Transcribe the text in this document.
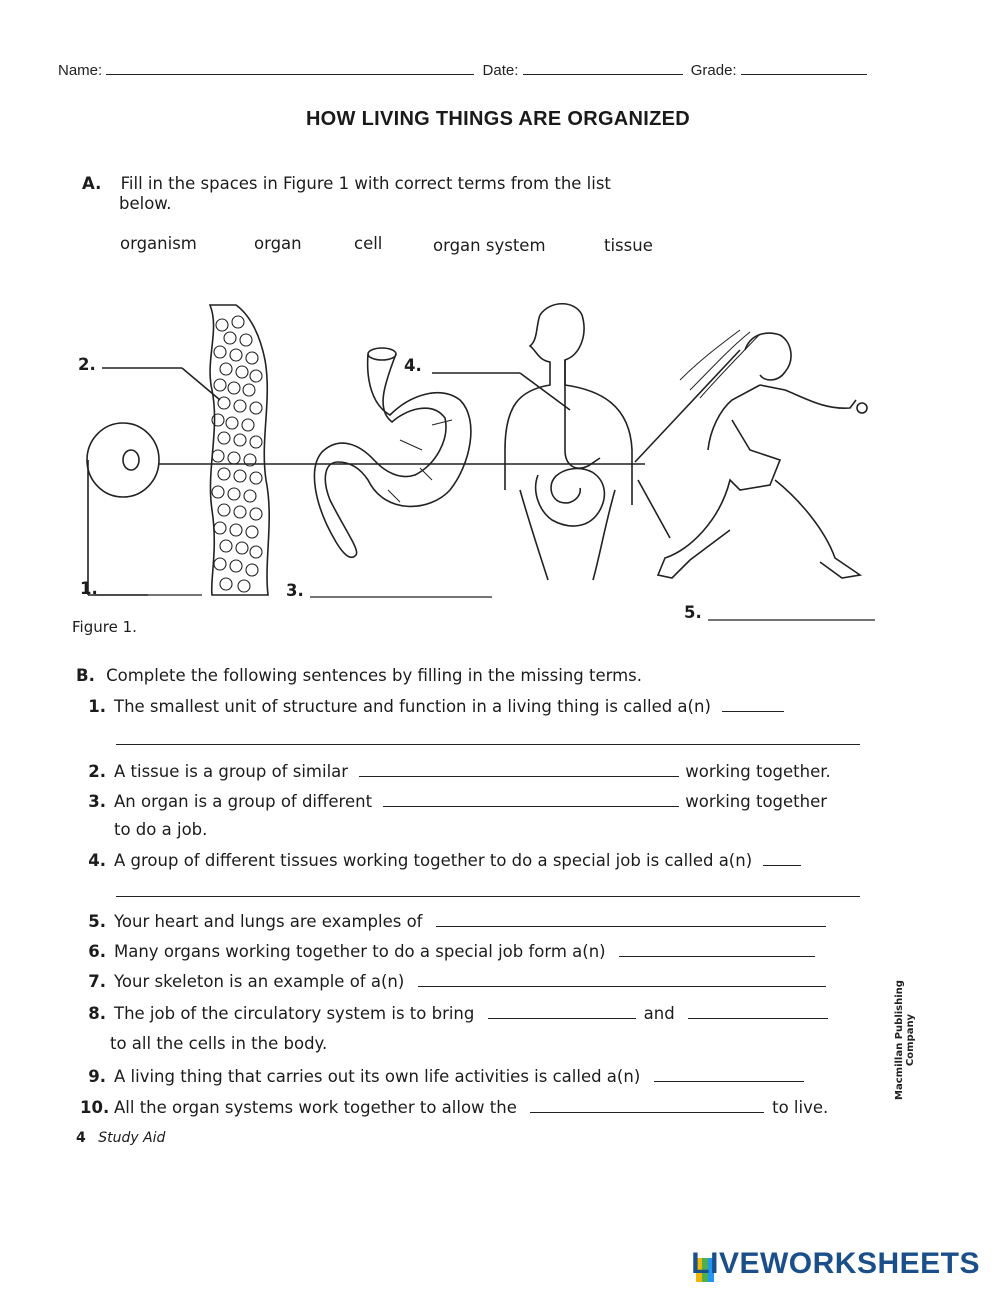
Name:	Date:	Grade:
HOW LIVING THINGS ARE ORGANIZED
A. Fill in the spaces in Figure 1 with correct terms from the list
below.
organism	organ	cell	organ system	tissue
2.
1.	3.
4.
5.
Figure 1.
B. Complete the following sentences by filling in the missing terms.
1. The smallest unit of structure and function in a living thing is called a(n)
2. A tissue is a group of similar	working together.
3. An organ is a group of different	working together
to do a job.
4. A group of different tissues working together to do a special job is called a(n)
5. Your heart and lungs are examples of
6. Many organs working together to do a special job form a(n)
7. Your skeleton is an example of a(n)
8. The job of the circulatory system is to bring	and
to all the cells in the body.
9. A living thing that carries out its own life activities is called a(n)
10. All the organ systems work together to allow the	to live.
4 Study Aid
Macmillan Publishing Company
LIVEWORKSHEETS
